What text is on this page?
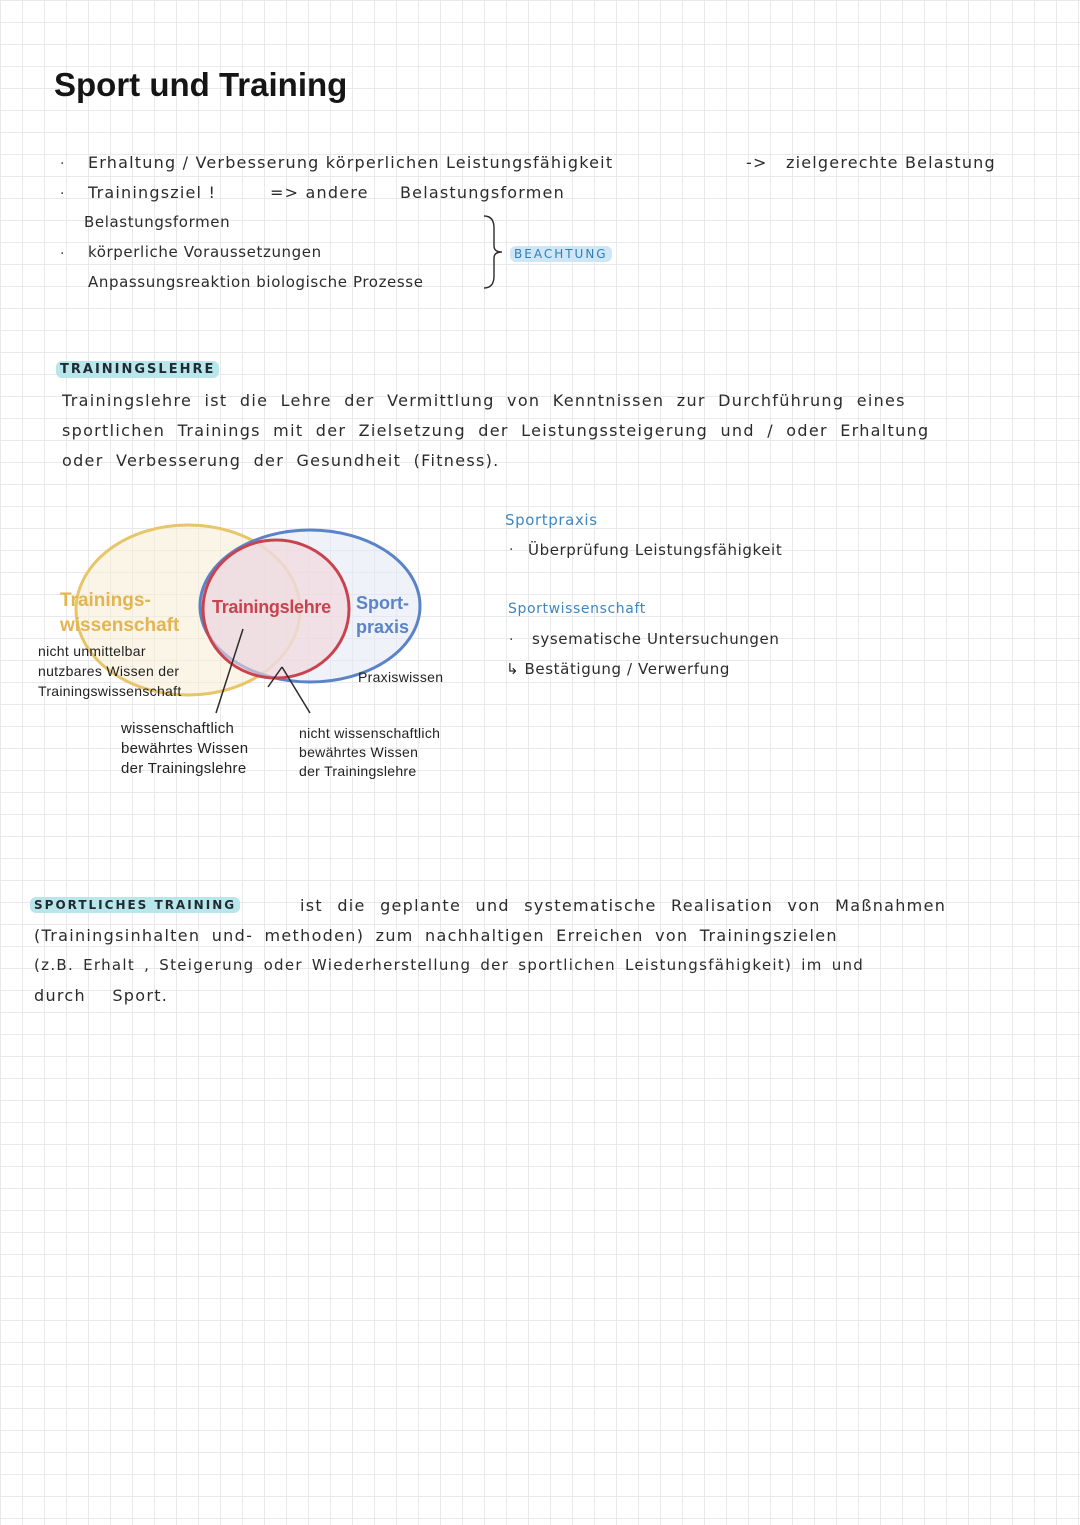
Sport und Training
· Erhaltung / Verbesserung körperlichen Leistungsfähigkeit	-> zielgerechte Belastung
· Trainingsziel !	=> andere Belastungsformen
Belastungsformen
· körperliche Voraussetzungen
Anpassungsreaktion biologische Prozesse
BEACHTUNG
TRAININGSLEHRE
Trainingslehre ist die Lehre der Vermittlung von Kenntnissen zur Durchführung eines
sportlichen Trainings mit der Zielsetzung der Leistungssteigerung und / oder Erhaltung
oder Verbesserung der Gesundheit (Fitness).
Trainings-
wissenschaft
Trainingslehre Sport-
praxis
nicht unmittelbar
nutzbares Wissen der
Trainingswissenschaft
Praxiswissen
wissenschaftlich
bewährtes Wissen
der Trainingslehre
nicht wissenschaftlich
bewährtes Wissen
der Trainingslehre
Sportpraxis
· Überprüfung Leistungsfähigkeit
Sportwissenschaft
· sysematische Untersuchungen
↳ Bestätigung / Verwerfung
SPORTLICHES TRAINING	ist die geplante und systematische Realisation von Maßnahmen
(Trainingsinhalten und- methoden) zum nachhaltigen Erreichen von Trainingszielen
(z.B. Erhalt , Steigerung oder Wiederherstellung der sportlichen Leistungsfähigkeit) im und
durch Sport.
